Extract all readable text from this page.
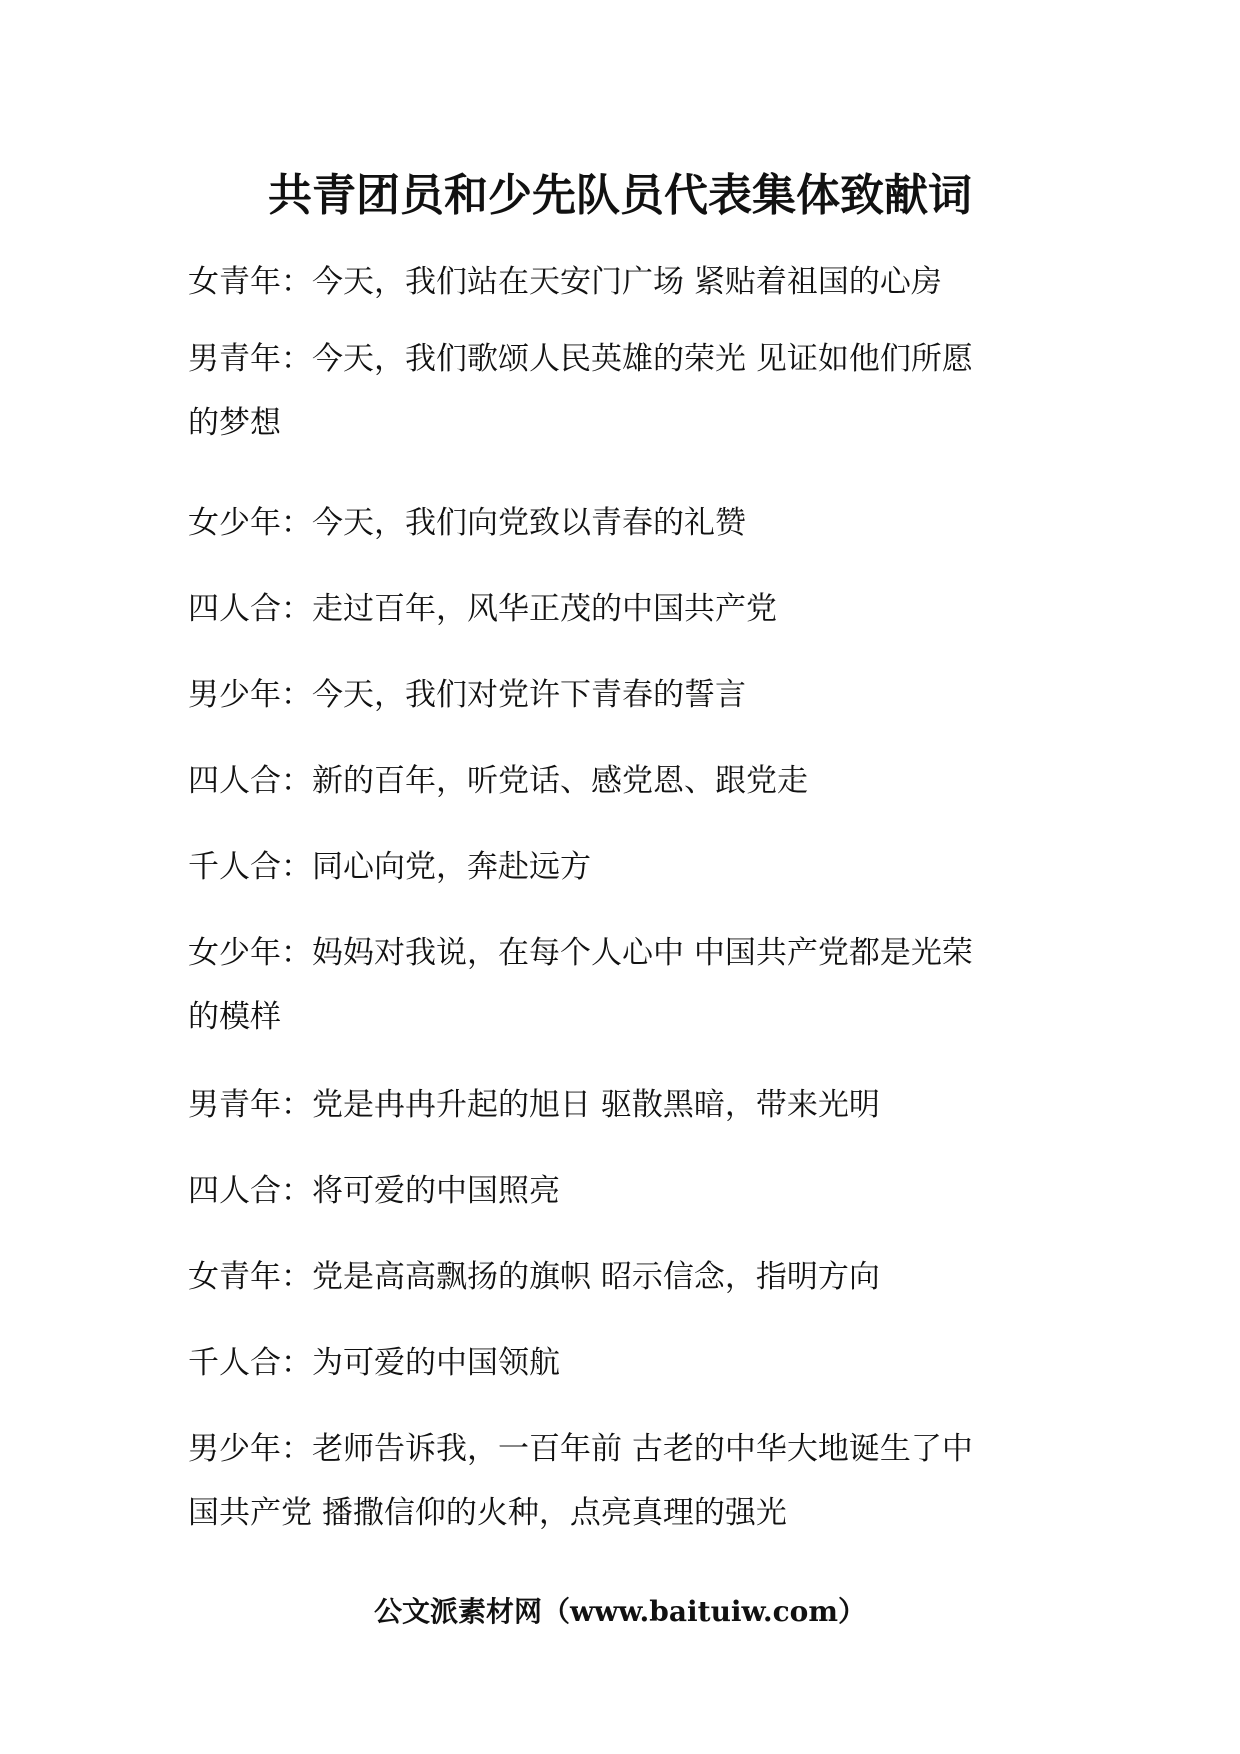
共青团员和少先队员代表集体致献词

女青年：今天，我们站在天安门广场 紧贴着祖国的心房

男青年：今天，我们歌颂人民英雄的荣光 见证如他们所愿

的梦想

女少年：今天，我们向党致以青春的礼赞

四人合：走过百年，风华正茂的中国共产党

男少年：今天，我们对党许下青春的誓言

四人合：新的百年，听党话、感党恩、跟党走

千人合：同心向党，奔赴远方

女少年：妈妈对我说，在每个人心中 中国共产党都是光荣

的模样

男青年：党是冉冉升起的旭日 驱散黑暗，带来光明

四人合：将可爱的中国照亮

女青年：党是高高飘扬的旗帜 昭示信念，指明方向

千人合：为可爱的中国领航

男少年：老师告诉我，一百年前 古老的中华大地诞生了中

国共产党 播撒信仰的火种，点亮真理的强光

公文派素材网（www.baituiw.com）
